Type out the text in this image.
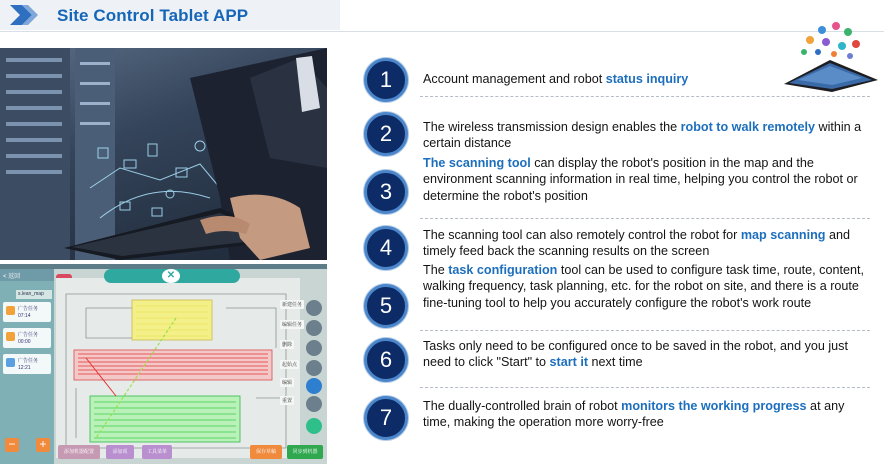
Site Control Tablet APP
< 返回
s.lean_map
广告任务
07:14
广告任务
00:00
广告任务
12:21
− +
✕
新建任务
编辑任务
删除
起始点
编辑
重置
添加机器配置	添加项	工具菜单	保存草稿	同步到机器
1	Account management and robot status inquiry
2	The wireless transmission design enables the robot to walk remotely within a certain distance
3
The scanning tool can display the robot's position in the map and the environment scanning information in real time, helping you control the robot or determine the robot's position
4	The scanning tool can also remotely control the robot for map scanning and timely feed back the scanning results on the screen
5
The task configuration tool can be used to configure task time, route, content, walking frequency, task planning, etc. for the robot on site, and there is a route fine-tuning tool to help you accurately configure the robot's work route
6
Tasks only need to be configured once to be saved in the robot, and you just need to click "Start" to start it next time
7	The dually-controlled brain of robot monitors the working progress at any time, making the operation more worry-free
